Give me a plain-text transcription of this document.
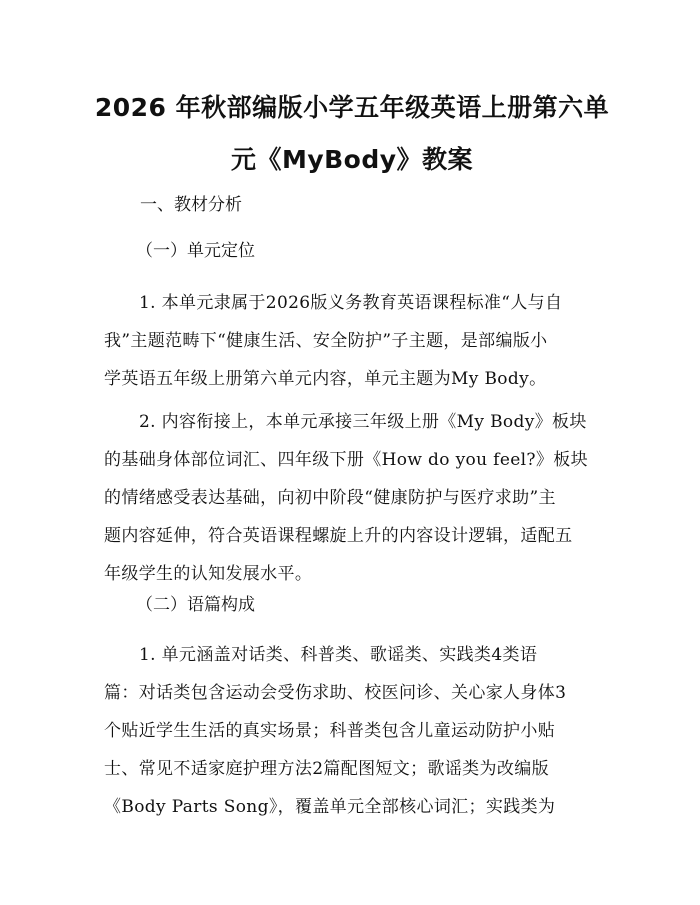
2026 年秋部编版小学五年级英语上册第六单
元《MyBody》教案

一、教材分析

（一）单元定位

1. 本单元隶属于2026版义务教育英语课程标准“人与自
我”主题范畴下“健康生活、安全防护”子主题，是部编版小
学英语五年级上册第六单元内容，单元主题为My Body。
2. 内容衔接上，本单元承接三年级上册《My Body》板块
的基础身体部位词汇、四年级下册《How do you feel?》板块
的情绪感受表达基础，向初中阶段“健康防护与医疗求助”主
题内容延伸，符合英语课程螺旋上升的内容设计逻辑，适配五
年级学生的认知发展水平。

（二）语篇构成

1. 单元涵盖对话类、科普类、歌谣类、实践类4类语
篇：对话类包含运动会受伤求助、校医问诊、关心家人身体3
个贴近学生生活的真实场景；科普类包含儿童运动防护小贴
士、常见不适家庭护理方法2篇配图短文；歌谣类为改编版
《Body Parts Song》，覆盖单元全部核心词汇；实践类为
